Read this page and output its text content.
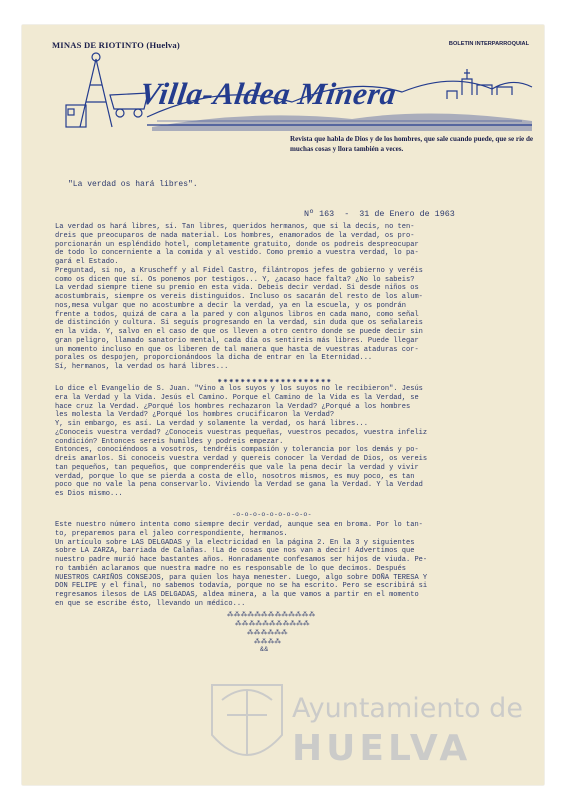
MINAS DE RIOTINTO (Huelva)	BOLETIN INTERPARROQUIAL
Villa-Aldea Minera
Revista que habla de Dios y de los hombres, que sale cuando puede, que se ríe de muchas cosas y llora también a veces.
"La verdad os hará libres".
Nº 163  -  31 de Enero de 1963
La verdad os hará libres, sí. Tan libres, queridos hermanos, que si la decís, no ten-
dreis que preocuparos de nada material. Los hombres, enamorados de la verdad, os pro-
porcionarán un espléndido hotel, completamente gratuito, donde os podreis despreocupar
de todo lo concerniente a la comida y al vestido. Como premio a vuestra verdad, lo pa-
gará el Estado.
Preguntad, si no, a Kruscheff y al Fidel Castro, filántropos jefes de gobierno y veréis
como os dicen que sí. Os ponemos por testigos... Y, ¿acaso hace falta? ¿No lo sabeis?
La verdad siempre tiene su premio en esta vida. Debeis decir verdad. Si desde niños os
acostumbrais, siempre os vereis distinguidos. Incluso os sacarán del resto de los alum-
nos,mesa vulgar que no acostumbre a decir la verdad, ya en la escuela, y os pondrán
frente a todos, quizá de cara a la pared y con algunos libros en cada mano, como señal
de distinción y cultura. Si seguís progresando en la verdad, sin duda que os señalareis
en la vida. Y, salvo en el caso de que os lleven a otro centro donde se puede decir sin
gran peligro, llamado sanatorio mental, cada día os sentireis más libres. Puede llegar
un momento incluso en que os liberen de tal manera que hasta de vuestras ataduras cor-
porales os despojen, proporcionándoos la dicha de entrar en la Eternidad...
Sí, hermanos, la verdad os hará libres...
⁕⁕⁕⁕⁕⁕⁕⁕⁕⁕⁕⁕⁕⁕⁕⁕⁕⁕⁕⁕
Lo dice el Evangelio de S. Juan. "Vino a los suyos y los suyos no le recibieron". Jesús
era la Verdad y la Vida. Jesús el Camino. Porque el Camino de la Vida es la Verdad, se
hace cruz la Verdad. ¿Porqué los hombres rechazaron la Verdad? ¿Porqué a los hombres
les molesta la Verdad? ¿Porqué los hombres crucificaron la Verdad?
Y, sin embargo, es así. La verdad y solamente la verdad, os hará libres...
¿Conoceis vuestra verdad? ¿Conoceis vuestras pequeñas, vuestros pecados, vuestra infeliz
condición? Entonces sereis humildes y podreis empezar.
Entonces, conociéndoos a vosotros, tendréis compasión y tolerancia por los demás y po-
dreis amarlos. Si conoceis vuestra verdad y quereis conocer la Verdad de Dios, os vereis
tan pequeños, tan pequeños, que comprenderéis que vale la pena decir la verdad y vivir
verdad, porque lo que se pierda a costa de ello, nosotros mismos, es muy poco, es tan
poco que no vale la pena conservarlo. Viviendo la Verdad se gana la Verdad. Y la Verdad
es Dios mismo...
-o-o-o-o-o-o-o-o-o-
Este nuestro número intenta como siempre decir verdad, aunque sea en broma. Por lo tan-
to, preparemos para el jaleo correspondiente, hermanos.
Un artículo sobre LAS DELGADAS y la electricidad en la página 2. En la 3 y siguientes
sobre LA ZARZA, barriada de Calañas. !La de cosas que nos van a decir! Advertimos que
nuestro padre murió hace bastantes años. Honradamente confesamos ser hijos de viuda. Pe-
ro también aclaramos que nuestra madre no es responsable de lo que decimos. Después
NUESTROS CARIÑOS CONSEJOS, para quien los haya menester. Luego, algo sobre DOÑA TERESA Y
DON FELIPE y el final, no sabemos todavía, porque no se ha escrito. Pero se escribirá si
regresamos ilesos de LAS DELGADAS, aldea minera, a la que vamos a partir en el momento
en que se escribe ésto, llevando un médico...
⁂⁂⁂⁂⁂⁂⁂⁂⁂⁂⁂⁂⁂
⁂⁂⁂⁂⁂⁂⁂⁂⁂⁂⁂
⁂⁂⁂⁂⁂⁂
⁂⁂⁂⁂
&&
Ayuntamiento de
HUELVA
